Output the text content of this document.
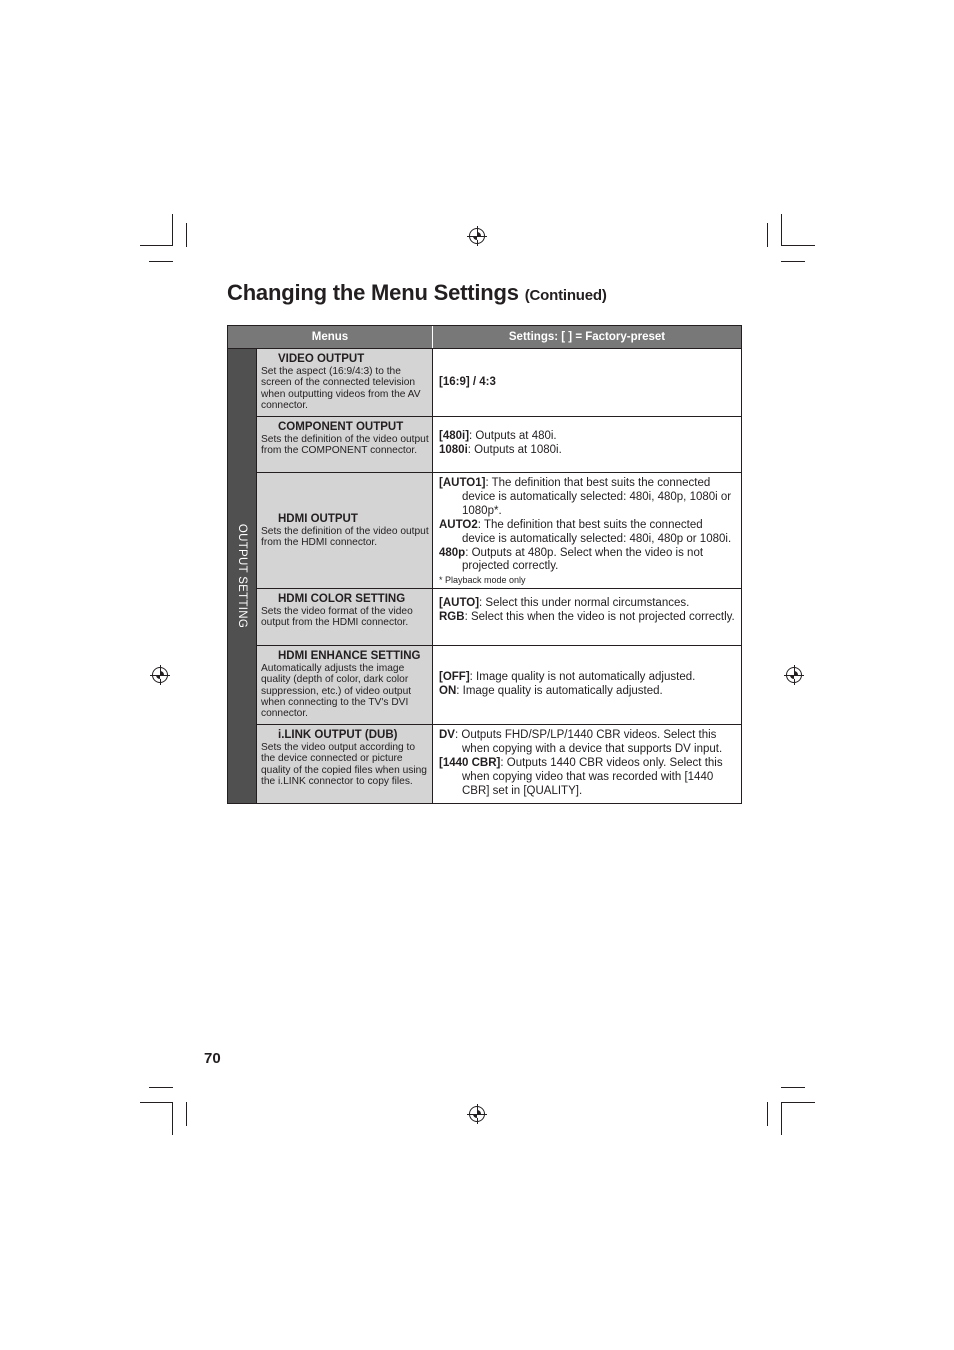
Changing the Menu Settings (Continued)
Menus	Settings: [ ] = Factory-preset
OUTPUT SETTING
VIDEO OUTPUT
Set the aspect (16:9/4:3) to the screen of the connected television when outputting videos from the AV connector.

[16:9] / 4:3

COMPONENT OUTPUT
Sets the definition of the video output from the COMPONENT connector.

[480i]: Outputs at 480i.

1080i: Outputs at 1080i.

HDMI OUTPUT
Sets the definition of the video output from the HDMI connector.

[AUTO1]: The definition that best suits the connected device is automatically selected: 480i, 480p, 1080i or 1080p*.

AUTO2: The definition that best suits the connected device is automatically selected: 480i, 480p or 1080i.

480p: Outputs at 480p. Select when the video is not projected correctly.

* Playback mode only
HDMI COLOR SETTING
Sets the video format of the video output from the HDMI connector.

[AUTO]: Select this under normal circumstances.

RGB: Select this when the video is not projected correctly.

HDMI ENHANCE SETTING
Automatically adjusts the image quality (depth of color, dark color suppression, etc.) of video output when connecting to the TV's DVI connector.

[OFF]: Image quality is not automatically adjusted.

ON: Image quality is automatically adjusted.

i.LINK OUTPUT (DUB)
Sets the video output according to the device connected or picture quality of the copied files when using the i.LINK connector to copy files.

DV: Outputs FHD/SP/LP/1440 CBR videos. Select this when copying with a device that supports DV input.

[1440 CBR]: Outputs 1440 CBR videos only. Select this when copying video that was recorded with [1440 CBR] set in [QUALITY].

70
